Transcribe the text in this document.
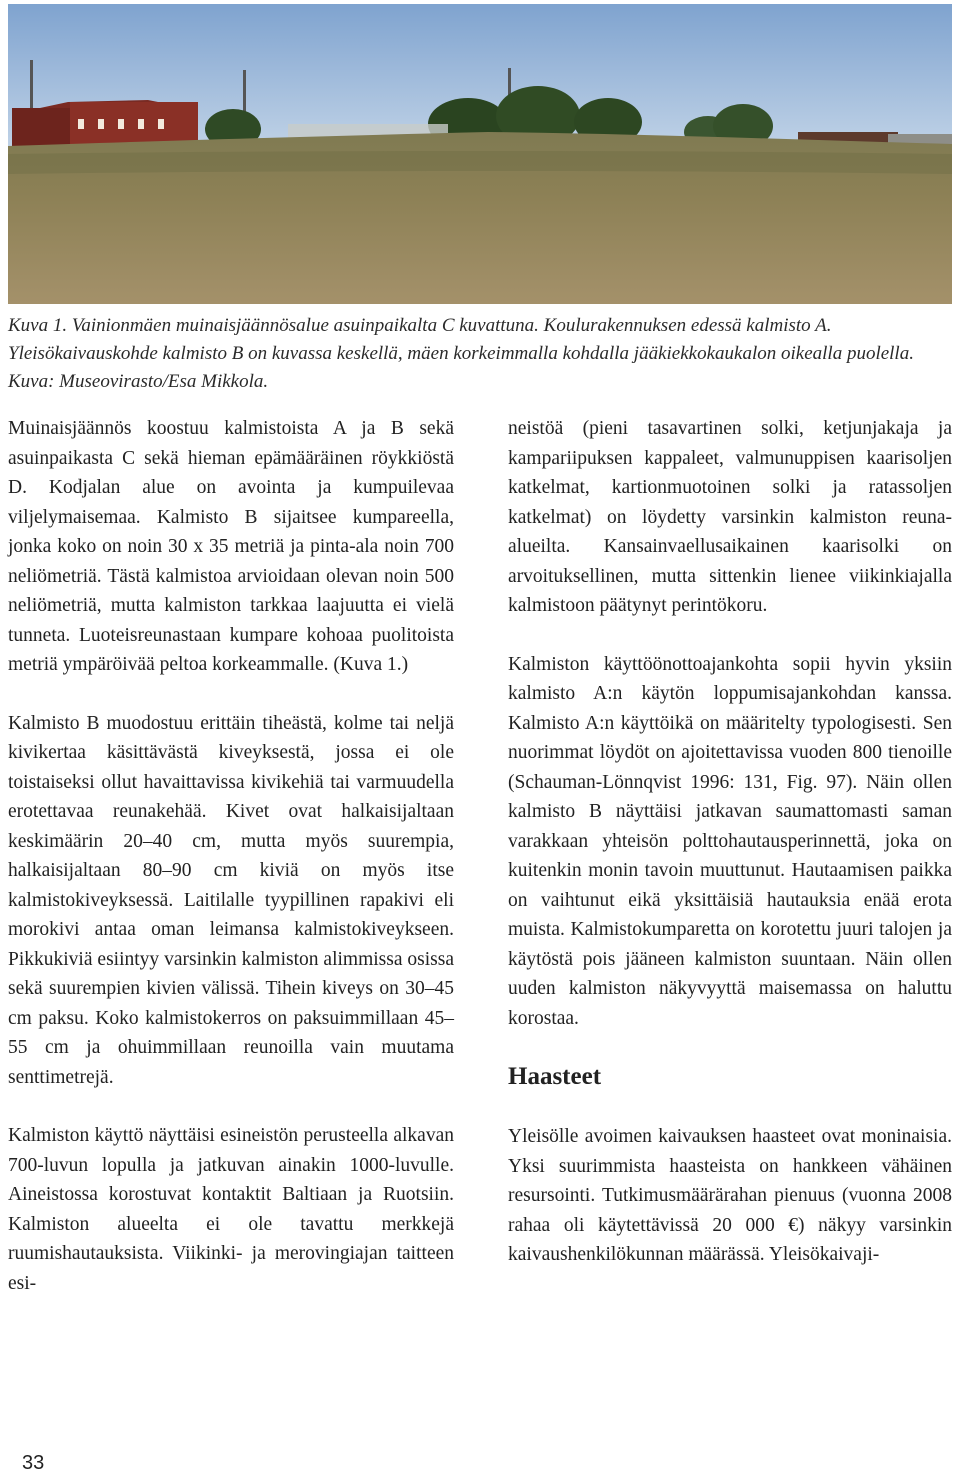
Kuva 1. Vainionmäen muinaisjäännösalue asuinpaikalta C kuvattuna. Koulurakennuksen edessä kalmisto A. Yleisökaivauskohde kalmisto B on kuvassa keskellä, mäen korkeimmalla kohdalla jääkiekkokaukalon oikealla puolella. Kuva: Museovirasto/Esa Mikkola.

Muinaisjäännös koostuu kalmistoista A ja B sekä asuinpaikasta C sekä hieman epämääräinen röykkiöstä D. Kodjalan alue on avointa ja kumpuilevaa viljelymaisemaa. Kalmisto B sijaitsee kumpareella, jonka koko on noin 30 x 35 metriä ja pinta-ala noin 700 neliömetriä. Tästä kalmistoa arvioidaan olevan noin 500 neliömetriä, mutta kalmiston tarkkaa laajuutta ei vielä tunneta. Luoteisreunastaan kumpare kohoaa puolitoista metriä ympäröivää peltoa korkeammalle. (Kuva 1.)

Kalmisto B muodostuu erittäin tiheästä, kolme tai neljä kivikertaa käsittävästä kiveyksestä, jossa ei ole toistaiseksi ollut havaittavissa kivikehiä tai varmuudella erotettavaa reunakehää. Kivet ovat halkaisijaltaan keskimäärin 20–40 cm, mutta myös suurempia, halkaisijaltaan 80–90 cm kiviä on myös itse kalmistokiveyksessä. Laitilalle tyypillinen rapakivi eli morokivi antaa oman leimansa kalmistokiveykseen. Pikkukiviä esiintyy varsinkin kalmiston alimmissa osissa sekä suurempien kivien välissä. Tihein kiveys on 30–45 cm paksu. Koko kalmistokerros on paksuimmillaan 45–55 cm ja ohuimmillaan reunoilla vain muutama senttimetrejä.

Kalmiston käyttö näyttäisi esineistön perusteella alkavan 700-luvun lopulla ja jatkuvan ainakin 1000-luvulle. Aineistossa korostuvat kontaktit Baltiaan ja Ruotsiin. Kalmiston alueelta ei ole tavattu merkkejä ruumishautauksista. Viikinki- ja merovingiajan taitteen esi-

neistöä (pieni tasavartinen solki, ketjunjakaja ja kampariipuksen kappaleet, valmunuppisen kaarisoljen katkelmat, kartionmuotoinen solki ja ratassoljen katkelmat) on löydetty varsinkin kalmiston reuna-alueilta. Kansainvaellusaikainen kaarisolki on arvoituksellinen, mutta sittenkin lienee viikinkiajalla kalmistoon päätynyt perintökoru.

Kalmiston käyttöönottoajankohta sopii hyvin yksiin kalmisto A:n käytön loppumisajankohdan kanssa. Kalmisto A:n käyttöikä on määritelty typologisesti. Sen nuorimmat löydöt on ajoitettavissa vuoden 800 tienoille (Schauman-Lönnqvist 1996: 131, Fig. 97). Näin ollen kalmisto B näyttäisi jatkavan saumattomasti saman varakkaan yhteisön polttohautausperinnettä, joka on kuitenkin monin tavoin muuttunut. Hautaamisen paikka on vaihtunut eikä yksittäisiä hautauksia enää erota muista. Kalmistokumparetta on korotettu juuri talojen ja käytöstä pois jääneen kalmiston suuntaan. Näin ollen uuden kalmiston näkyvyyttä maisemassa on haluttu korostaa.

Haasteet

Yleisölle avoimen kaivauksen haasteet ovat moninaisia. Yksi suurimmista haasteista on hankkeen vähäinen resursointi. Tutkimusmäärärahan pienuus (vuonna 2008 rahaa oli käytettävissä 20 000 €) näkyy varsinkin kaivaushenkilökunnan määrässä. Yleisökaivaji-

33
